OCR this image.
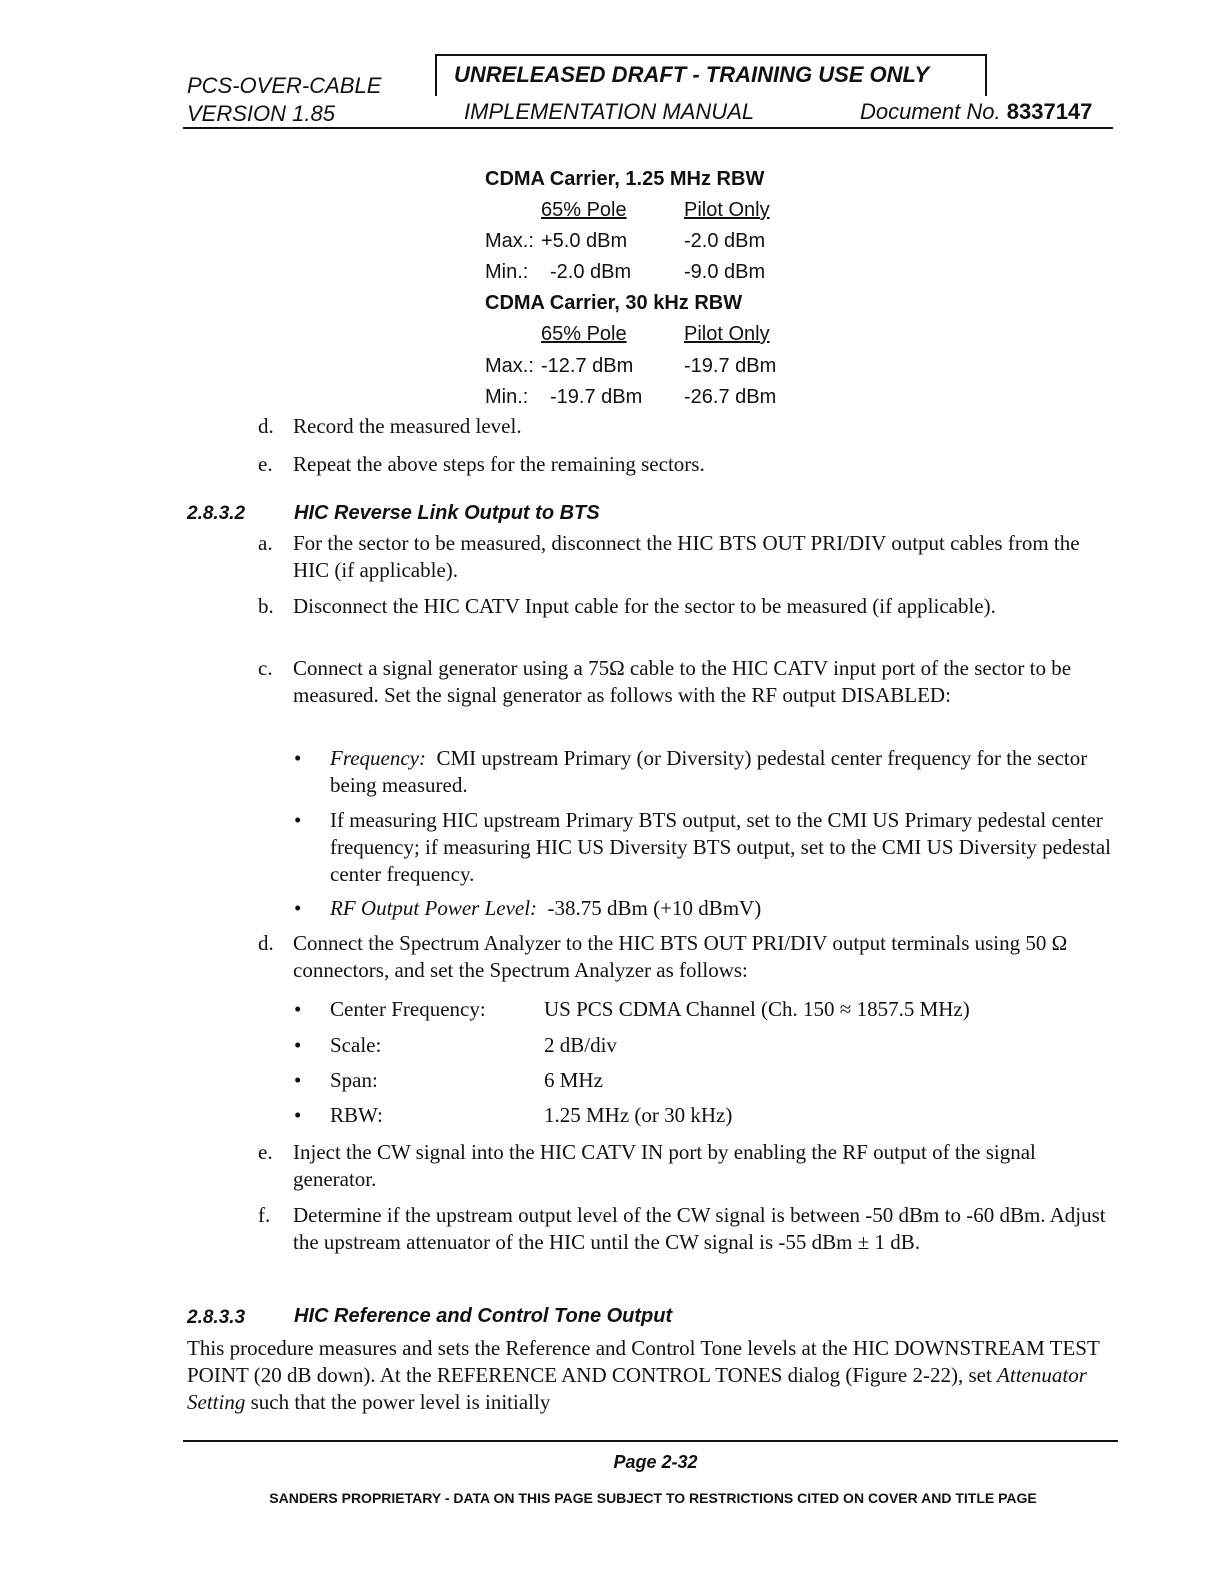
PCS-OVER-CABLE
VERSION 1.85
UNRELEASED DRAFT - TRAINING USE ONLY
IMPLEMENTATION MANUAL	Document No. 8337147
CDMA Carrier, 1.25 MHz RBW
65% Pole	Pilot Only
Max.: +5.0 dBm	-2.0 dBm
Min.: -2.0 dBm	-9.0 dBm
CDMA Carrier, 30 kHz RBW
65% Pole	Pilot Only
Max.: -12.7 dBm	-19.7 dBm
Min.: -19.7 dBm -26.7 dBm
d. Record the measured level.
e. Repeat the above steps for the remaining sectors.
2.8.3.2 HIC Reverse Link Output to BTS
a. For the sector to be measured, disconnect the HIC BTS OUT PRI/DIV output cables from the HIC (if applicable).
b. Disconnect the HIC CATV Input cable for the sector to be measured (if applicable).
c. Connect a signal generator using a 75Ω cable to the HIC CATV input port of the sector to be measured. Set the signal generator as follows with the RF output DISABLED:
• Frequency: CMI upstream Primary (or Diversity) pedestal center frequency for the sector being measured.
• If measuring HIC upstream Primary BTS output, set to the CMI US Primary pedestal center frequency; if measuring HIC US Diversity BTS output, set to the CMI US Diversity pedestal center frequency.
• RF Output Power Level: -38.75 dBm (+10 dBmV)
d. Connect the Spectrum Analyzer to the HIC BTS OUT PRI/DIV output terminals using 50 Ω connectors, and set the Spectrum Analyzer as follows:
• Center Frequency:	US PCS CDMA Channel (Ch. 150 ≈ 1857.5 MHz)
• Scale:	2 dB/div
• Span:	6 MHz
• RBW:	1.25 MHz (or 30 kHz)
e. Inject the CW signal into the HIC CATV IN port by enabling the RF output of the signal generator.
f. Determine if the upstream output level of the CW signal is between -50 dBm to -60 dBm. Adjust the upstream attenuator of the HIC until the CW signal is -55 dBm ± 1 dB.
2.8.3.3 HIC Reference and Control Tone Output
This procedure measures and sets the Reference and Control Tone levels at the HIC DOWNSTREAM TEST POINT (20 dB down). At the REFERENCE AND CONTROL TONES dialog (Figure 2-22), set Attenuator Setting such that the power level is initially
Page 2-32
SANDERS PROPRIETARY - DATA ON THIS PAGE SUBJECT TO RESTRICTIONS CITED ON COVER AND TITLE PAGE
